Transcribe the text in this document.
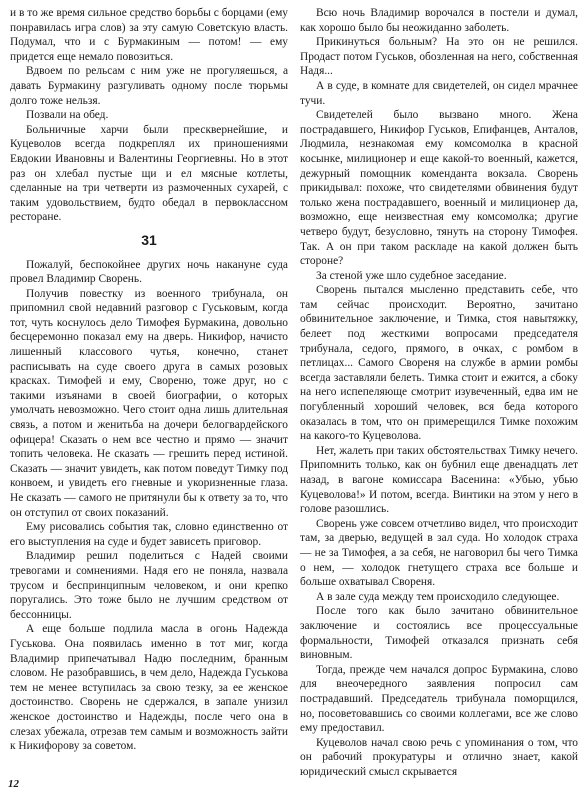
и в то же время сильное средство борьбы с борцами (ему понравилась игра слов) за эту самую Советскую власть. Подумал, что и с Бурмакиным — потом! — ему придется еще немало повозиться.

Вдвоем по рельсам с ним уже не прогуляешься, а давать Бурмакину разгуливать одному после тюрьмы долго тоже нельзя.

Позвали на обед.

Больничные харчи были пресквернейшие, и Куцеволов всегда подкреплял их приношениями Евдокии Ивановны и Валентины Георгиевны. Но в этот раз он хлебал пустые щи и ел мясные котлеты, сделанные на три четверти из размоченных сухарей, с таким удовольствием, будто обедал в первоклассном ресторане.

31

Пожалуй, беспокойнее других ночь накануне суда провел Владимир Сворень.

Получив повестку из военного трибунала, он припомнил свой недавний разговор с Гуськовым, когда тот, чуть коснулось дело Тимофея Бурмакина, довольно бесцеремонно показал ему на дверь. Никифор, начисто лишенный классового чутья, конечно, станет расписывать на суде своего друга в самых розовых красках. Тимофей и ему, Свореню, тоже друг, но с такими изъянами в своей биографии, о которых умолчать невозможно. Чего стоит одна лишь длительная связь, а потом и женитьба на дочери белогвардейского офицера! Сказать о нем все честно и прямо — значит топить человека. Не сказать — грешить перед истиной. Сказать — значит увидеть, как потом поведут Тимку под конвоем, и увидеть его гневные и укоризненные глаза. Не сказать — самого не притянули бы к ответу за то, что он отступил от своих показаний.

Ему рисовались события так, словно единственно от его выступления на суде и будет зависеть приговор.

Владимир решил поделиться с Надей своими тревогами и сомнениями. Надя его не поняла, назвала трусом и беспринципным человеком, и они крепко поругались. Это тоже было не лучшим средством от бессонницы.

А еще больше подлила масла в огонь Надежда Гуськова. Она появилась именно в тот миг, когда Владимир припечатывал Надю последним, бранным словом. Не разобравшись, в чем дело, Надежда Гуськова тем не менее вступилась за свою тезку, за ее женское достоинство. Сворень не сдержался, в запале унизил женское достоинство и Надежды, после чего она в слезах убежала, отрезав тем самым и возможность зайти к Никифорову за советом.

Всю ночь Владимир ворочался в постели и думал, как хорошо было бы неожиданно заболеть.

Прикинуться больным? На это он не решился. Продаст потом Гуськов, обозленная на него, собственная Надя...

А в суде, в комнате для свидетелей, он сидел мрачнее тучи.

Свидетелей было вызвано много. Жена пострадавшего, Никифор Гуськов, Епифанцев, Анталов, Людмила, незнакомая ему комсомолка в красной косынке, милиционер и еще какой-то военный, кажется, дежурный помощник коменданта вокзала. Сворень прикидывал: похоже, что свидетелями обвинения будут только жена пострадавшего, военный и милиционер да, возможно, еще неизвестная ему комсомолка; другие четверо будут, безусловно, тянуть на сторону Тимофея. Так. А он при таком раскладе на какой должен быть стороне?

За стеной уже шло судебное заседание.

Сворень пытался мысленно представить себе, что там сейчас происходит. Вероятно, зачитано обвинительное заключение, и Тимка, стоя навытяжку, белеет под жесткими вопросами председателя трибунала, седого, прямого, в очках, с ромбом в петлицах... Самого Свореня на службе в армии ромбы всегда заставляли белеть. Тимка стоит и ежится, а сбоку на него испепеляюще смотрит изувеченный, едва им не погубленный хороший человек, вся беда которого оказалась в том, что он примерещился Тимке похожим на какого-то Куцеволова.

Нет, жалеть при таких обстоятельствах Тимку нечего. Припомнить только, как он бубнил еще двенадцать лет назад, в вагоне комиссара Васенина: «Убью, убью Куцеволова!» И потом, всегда. Винтики на этом у него в голове разошлись.

Сворень уже совсем отчетливо видел, что происходит там, за дверью, ведущей в зал суда. Но холодок страха — не за Тимофея, а за себя, не наговорил бы чего Тимка о нем, — холодок гнетущего страха все больше и больше охватывал Свореня.

А в зале суда между тем происходило следующее.

После того как было зачитано обвинительное заключение и состоялись все процессуальные формальности, Тимофей отказался признать себя виновным.

Тогда, прежде чем начался допрос Бурмакина, слово для внеочередного заявления попросил сам пострадавший. Председатель трибунала поморщился, но, посоветовавшись со своими коллегами, все же слово ему предоставил.

Куцеволов начал свою речь с упоминания о том, что он рабочий прокуратуры и отлично знает, какой юридический смысл скрывается

12
